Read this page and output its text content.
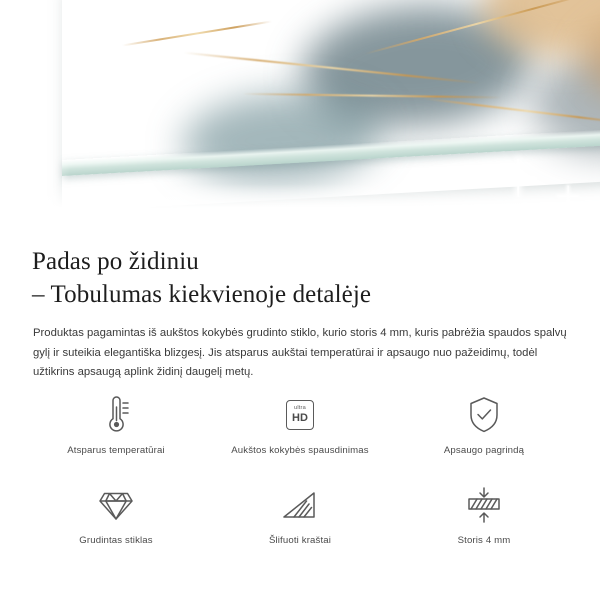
Padas po židiniu
– Tobulumas kiekvienoje detalėje

Produktas pagamintas iš aukštos kokybės grudinto stiklo, kurio storis 4 mm, kuris pabrėžia spaudos spalvų gylį ir suteikia elegantiška blizgesį. Jis atsparus aukštai temperatūrai ir apsaugo nuo pažeidimų, todėl užtikrins apsaugą aplink židinį daugelį metų.

Atsparus temperatūrai
ultra
HD
Aukštos kokybės spausdinimas	Apsaugo pagrindą
Grudintas stiklas	Šlifuoti kraštai	Storis 4 mm
